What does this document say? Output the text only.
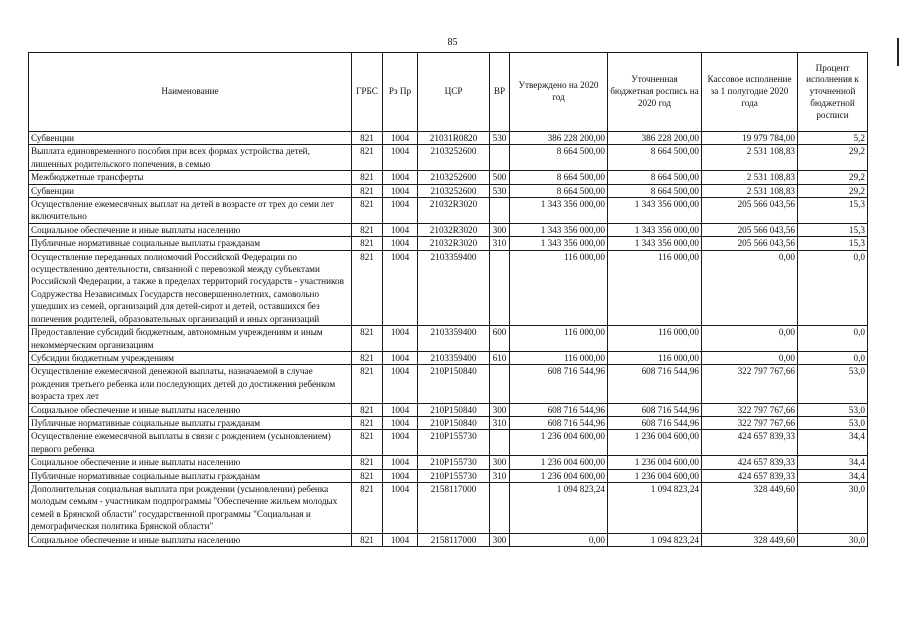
85
Наименование	ГРБС	Рз Пр	ЦСР	ВР	Утверждено на 2020 год	Уточненная бюджетная роспись на 2020 год	Кассовое исполнение за 1 полугодие 2020 года	Процент исполнения к уточненной бюджетной росписи
Субвенции	821	1004	21031R0820	530	386 228 200,00	386 228 200,00	19 979 784,00	5,2
Выплата единовременного пособия при всех формах устройства детей, лишенных родительского попечения, в семью	821	1004	2103252600		8 664 500,00	8 664 500,00	2 531 108,83	29,2
Межбюджетные трансферты	821	1004	2103252600	500	8 664 500,00	8 664 500,00	2 531 108,83	29,2
Субвенции	821	1004	2103252600	530	8 664 500,00	8 664 500,00	2 531 108,83	29,2
Осуществление ежемесячных выплат на детей в возрасте от трех до семи лет включительно	821	1004	21032R3020		1 343 356 000,00	1 343 356 000,00	205 566 043,56	15,3
Социальное обеспечение и иные выплаты населению	821	1004	21032R3020	300	1 343 356 000,00	1 343 356 000,00	205 566 043,56	15,3
Публичные нормативные социальные выплаты гражданам	821	1004	21032R3020	310	1 343 356 000,00	1 343 356 000,00	205 566 043,56	15,3
Осуществление переданных полномочий Российской Федерации по осуществлению деятельности, связанной с перевозкой между субъектами Российской Федерации, а также в пределах территорий государств - участников Содружества Независимых Государств несовершеннолетних, самовольно ушедших из семей, организаций для детей-сирот и детей, оставшихся без попечения родителей, образовательных организаций и иных организаций	821	1004	2103359400		116 000,00	116 000,00	0,00	0,0
Предоставление субсидий бюджетным, автономным учреждениям и иным некоммерческим организациям	821	1004	2103359400	600	116 000,00	116 000,00	0,00	0,0
Субсидии бюджетным учреждениям	821	1004	2103359400	610	116 000,00	116 000,00	0,00	0,0
Осуществление ежемесячной денежной выплаты, назначаемой в случае рождения третьего ребенка или последующих детей до достижения ребенком возраста трех лет	821	1004	210P150840		608 716 544,96	608 716 544,96	322 797 767,66	53,0
Социальное обеспечение и иные выплаты населению	821	1004	210P150840	300	608 716 544,96	608 716 544,96	322 797 767,66	53,0
Публичные нормативные социальные выплаты гражданам	821	1004	210P150840	310	608 716 544,96	608 716 544,96	322 797 767,66	53,0
Осуществление ежемесячной выплаты в связи с рождением (усыновлением) первого ребенка	821	1004	210P155730		1 236 004 600,00	1 236 004 600,00	424 657 839,33	34,4
Социальное обеспечение и иные выплаты населению	821	1004	210P155730	300	1 236 004 600,00	1 236 004 600,00	424 657 839,33	34,4
Публичные нормативные социальные выплаты гражданам	821	1004	210P155730	310	1 236 004 600,00	1 236 004 600,00	424 657 839,33	34,4
Дополнительная социальная выплата при рождении (усыновлении) ребенка молодым семьям - участникам подпрограммы "Обеспечение жильем молодых семей в Брянской области" государственной программы "Социальная и демографическая политика Брянской области"	821	1004	2158117000		1 094 823,24	1 094 823,24	328 449,60	30,0
Социальное обеспечение и иные выплаты населению	821	1004	2158117000	300	0,00	1 094 823,24	328 449,60	30,0
